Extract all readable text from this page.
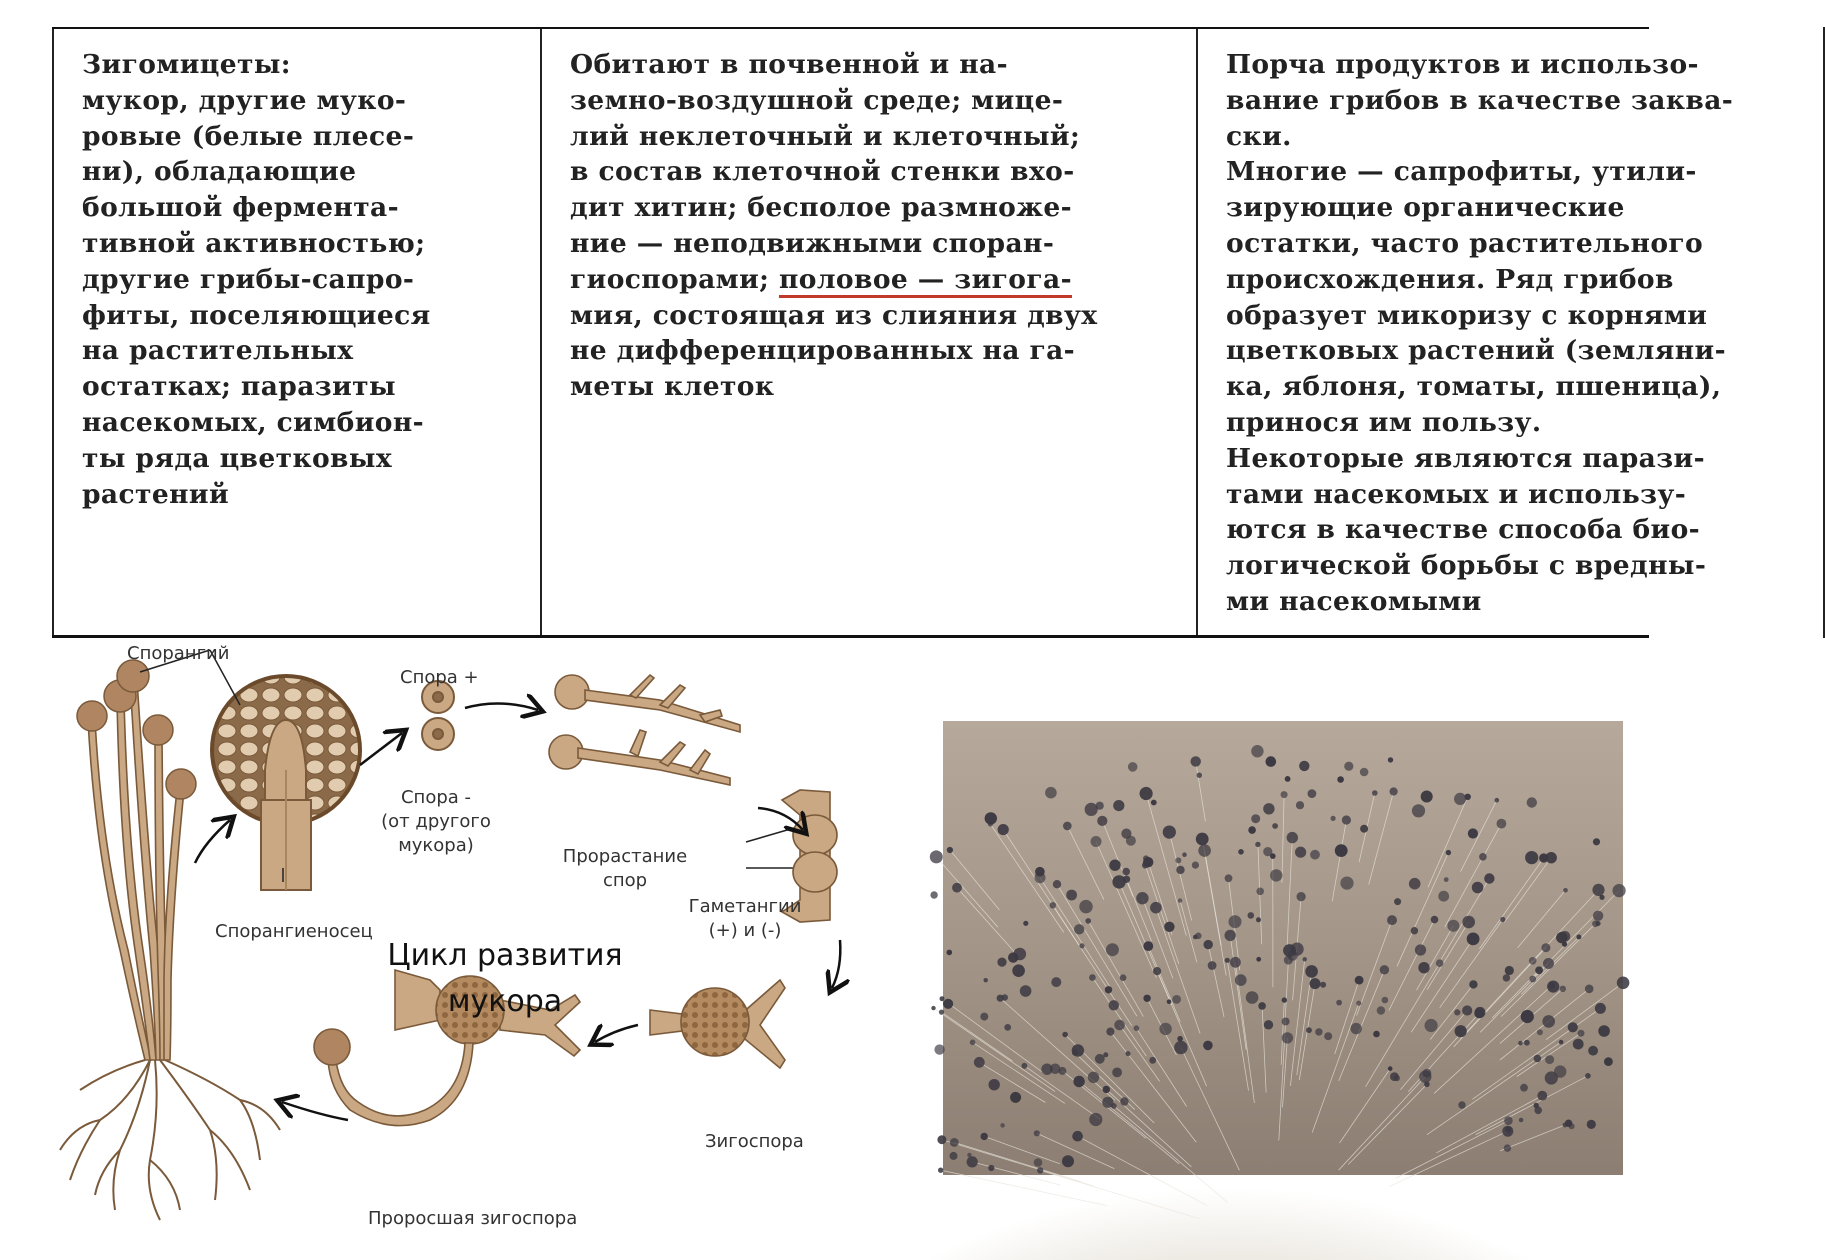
Зигомицеты:
мукор, другие муко-
ровые (белые плесе-
ни), обладающие
большой фермента-
тивной активностью;
другие грибы-сапро-
фиты, поселяющиеся
на растительных
остатках; паразиты
насекомых, симбион-
ты ряда цветковых
растений

Обитают в почвенной и на-
земно-воздушной среде; мице-
лий неклеточный и клеточный;
в состав клеточной стенки вхо-
дит хитин; бесполое размноже-
ние — неподвижными споран-
гиоспорами; половое — зигога-
мия, состоящая из слияния двух
не дифференцированных на га-
меты клеток

Порча продуктов и использо-
вание грибов в качестве заква-
ски.
Многие — сапрофиты, утили-
зирующие органические
остатки, часто растительного
происхождения. Ряд грибов
образует микоризу с корнями
цветковых растений (земляни-
ка, яблоня, томаты, пшеница),
принося им пользу.
Некоторые являются парази-
тами насекомых и использу-
ются в качестве способа био-
логической борьбы с вредны-
ми насекомыми
Спорангий
Спорангиеносец
Спора +
Спора -
(от другого
мукора)
Прорастание
спор
Гаметангии
(+) и (-)
Зигоспора
Проросшая зигоспора
Цикл развития
мукора
